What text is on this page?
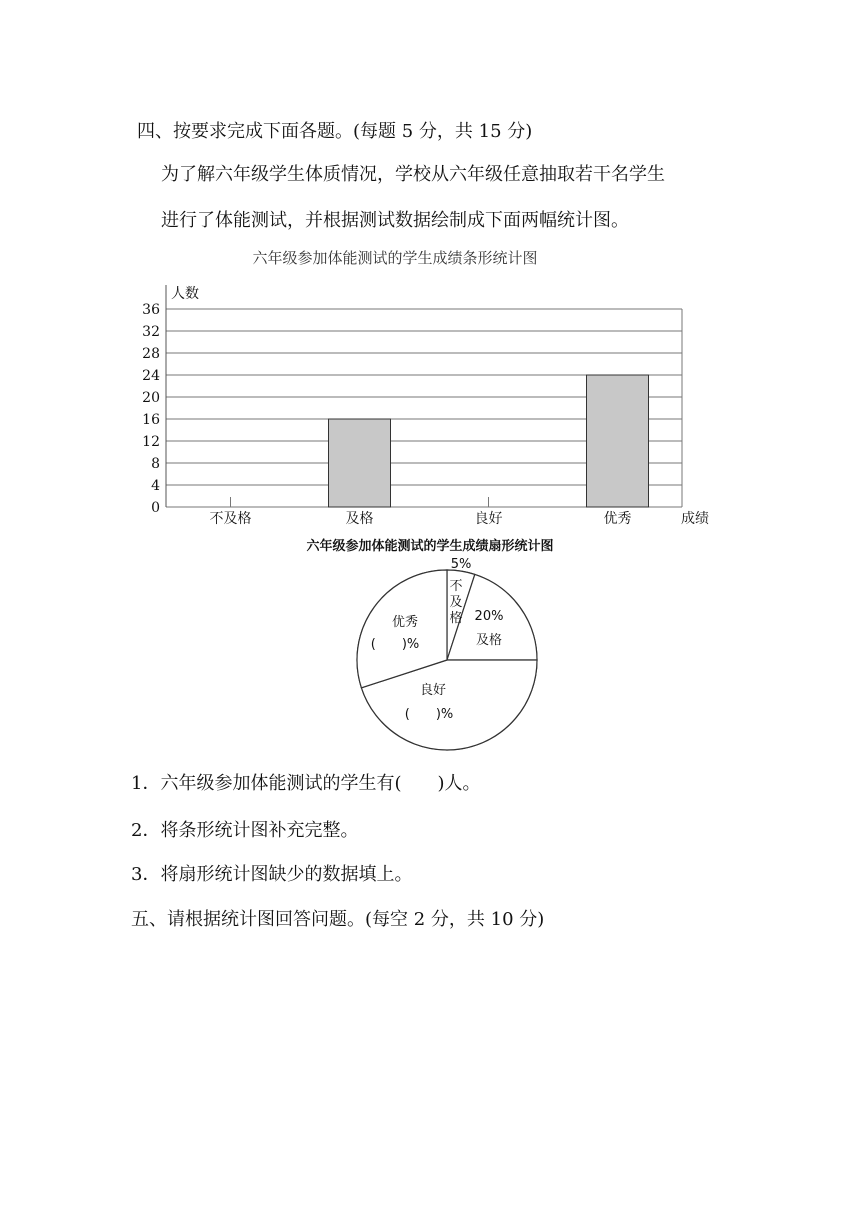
四、按要求完成下面各题。(每题 5 分，共 15 分)
为了解六年级学生体质情况，学校从六年级任意抽取若干名学生
进行了体能测试，并根据测试数据绘制成下面两幅统计图。
六年级参加体能测试的学生成绩条形统计图
人数
成绩
0
4
8
12
16
20
24
28
32
36
不及格	及格	良好	优秀
六年级参加体能测试的学生成绩扇形统计图
5%
不
及
格 20%
及格
良好
(　　)%
优秀
(　　)%
1．六年级参加体能测试的学生有(　　)人。
2．将条形统计图补充完整。
3．将扇形统计图缺少的数据填上。
五、请根据统计图回答问题。(每空 2 分，共 10 分)
